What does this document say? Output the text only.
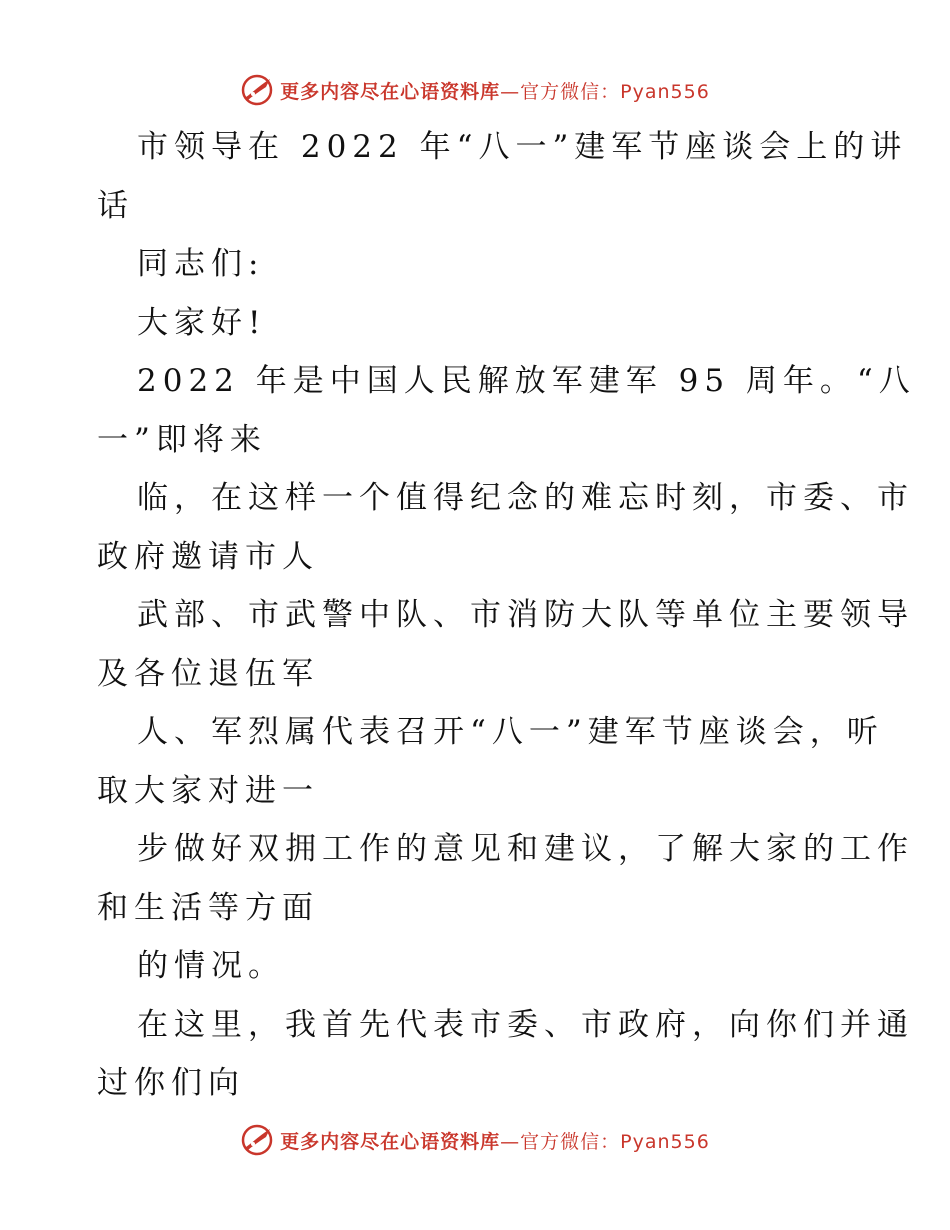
更多内容尽在心语资料库—官方微信：Pyan556
市领导在 2022 年“八一”建军节座谈会上的讲
话
同志们:
大家好!
2022 年是中国人民解放军建军 95 周年。“八
一”即将来
临，在这样一个值得纪念的难忘时刻，市委、市
政府邀请市人
武部、市武警中队、市消防大队等单位主要领导
及各位退伍军
人、军烈属代表召开“八一”建军节座谈会，听
取大家对进一
步做好双拥工作的意见和建议，了解大家的工作
和生活等方面
的情况。
在这里，我首先代表市委、市政府，向你们并通
过你们向
更多内容尽在心语资料库—官方微信：Pyan556
